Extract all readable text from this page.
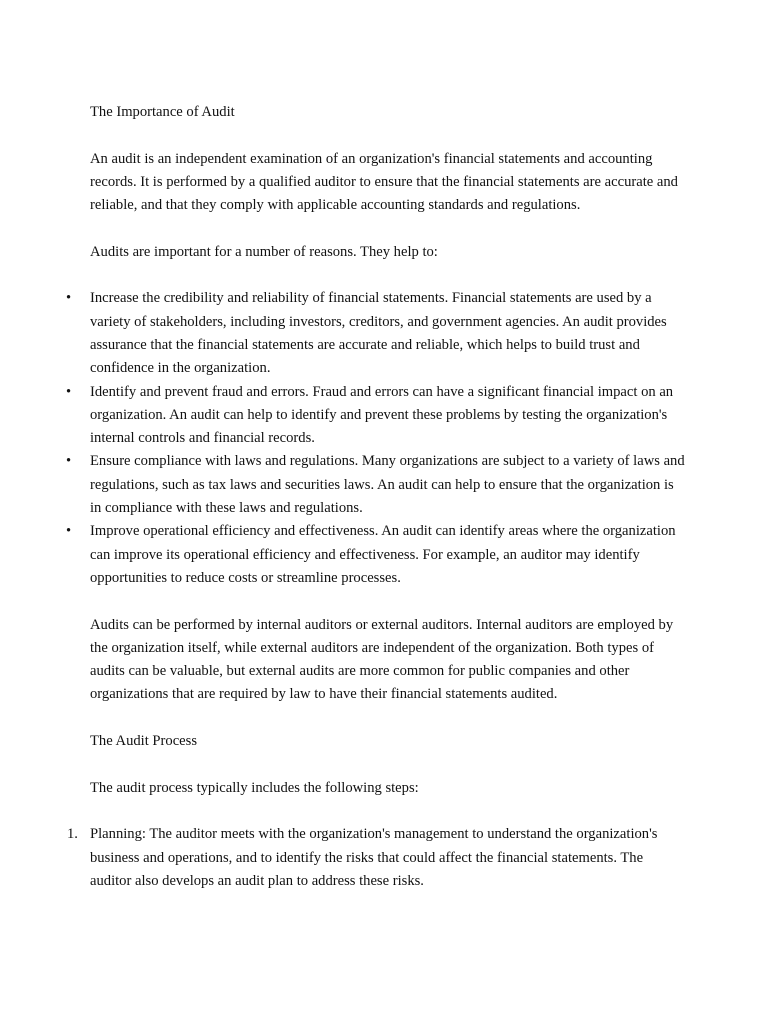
The Importance of Audit

An audit is an independent examination of an organization's financial statements and accounting records. It is performed by a qualified auditor to ensure that the financial statements are accurate and reliable, and that they comply with applicable accounting standards and regulations.

Audits are important for a number of reasons. They help to:

•	Increase the credibility and reliability of financial statements. Financial statements are used by a variety of stakeholders, including investors, creditors, and government agencies. An audit provides assurance that the financial statements are accurate and reliable, which helps to build trust and confidence in the organization.
•	Identify and prevent fraud and errors. Fraud and errors can have a significant financial impact on an organization. An audit can help to identify and prevent these problems by testing the organization's internal controls and financial records.
•	Ensure compliance with laws and regulations. Many organizations are subject to a variety of laws and regulations, such as tax laws and securities laws. An audit can help to ensure that the organization is in compliance with these laws and regulations.
•	Improve operational efficiency and effectiveness. An audit can identify areas where the organization can improve its operational efficiency and effectiveness. For example, an auditor may identify opportunities to reduce costs or streamline processes.

Audits can be performed by internal auditors or external auditors. Internal auditors are employed by the organization itself, while external auditors are independent of the organization. Both types of audits can be valuable, but external audits are more common for public companies and other organizations that are required by law to have their financial statements audited.

The Audit Process

The audit process typically includes the following steps:

1. Planning: The auditor meets with the organization's management to understand the organization's business and operations, and to identify the risks that could affect the financial statements. The auditor also develops an audit plan to address these risks.
